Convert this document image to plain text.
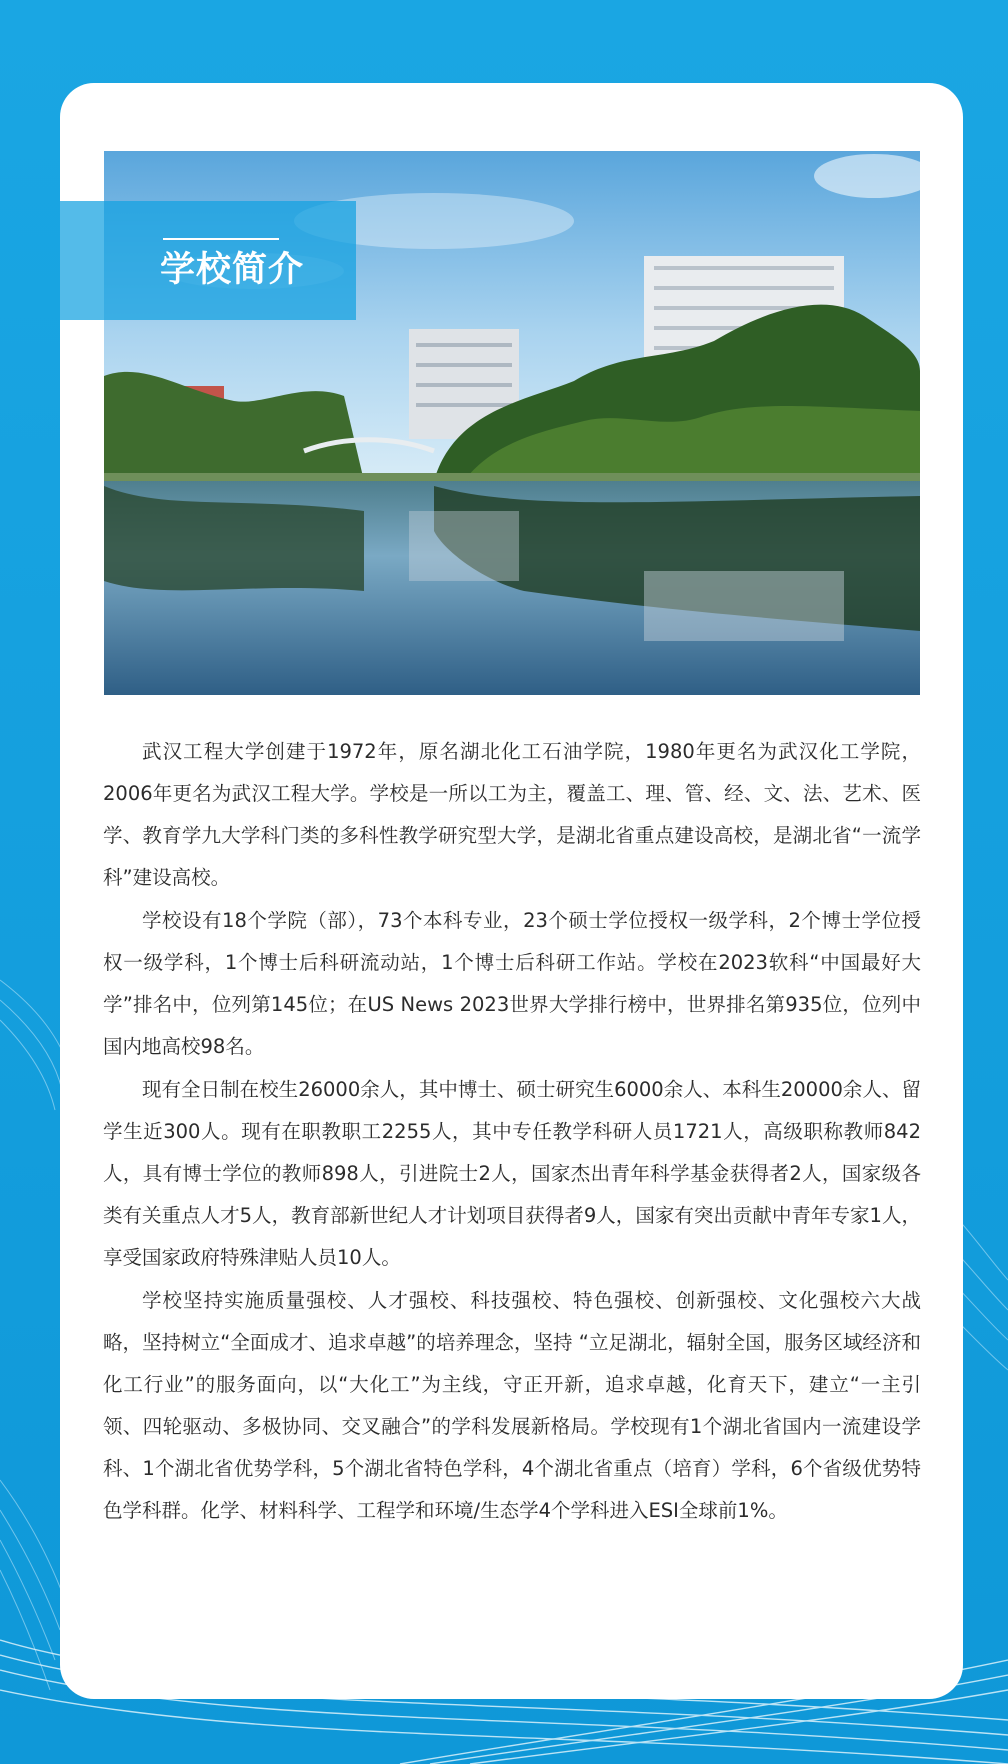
学校简介

武汉工程大学创建于1972年，原名湖北化工石油学院，1980年更名为武汉化工学院，2006年更名为武汉工程大学。学校是一所以工为主，覆盖工、理、管、经、文、法、艺术、医学、教育学九大学科门类的多科性教学研究型大学，是湖北省重点建设高校，是湖北省“一流学科”建设高校。

学校设有18个学院（部），73个本科专业，23个硕士学位授权一级学科，2个博士学位授权一级学科，1个博士后科研流动站，1个博士后科研工作站。学校在2023软科“中国最好大学”排名中，位列第145位；在US News 2023世界大学排行榜中，世界排名第935位，位列中国内地高校98名。

现有全日制在校生26000余人，其中博士、硕士研究生6000余人、本科生20000余人、留学生近300人。现有在职教职工2255人，其中专任教学科研人员1721人，高级职称教师842人，具有博士学位的教师898人，引进院士2人，国家杰出青年科学基金获得者2人，国家级各类有关重点人才5人，教育部新世纪人才计划项目获得者9人，国家有突出贡献中青年专家1人，享受国家政府特殊津贴人员10人。

学校坚持实施质量强校、人才强校、科技强校、特色强校、创新强校、文化强校六大战略，坚持树立“全面成才、追求卓越”的培养理念，坚持 “立足湖北，辐射全国，服务区域经济和化工行业”的服务面向，以“大化工”为主线，守正开新，追求卓越，化育天下，建立“一主引领、四轮驱动、多极协同、交叉融合”的学科发展新格局。学校现有1个湖北省国内一流建设学科、1个湖北省优势学科，5个湖北省特色学科，4个湖北省重点（培育）学科，6个省级优势特色学科群。化学、材料科学、工程学和环境/生态学4个学科进入ESI全球前1%。
